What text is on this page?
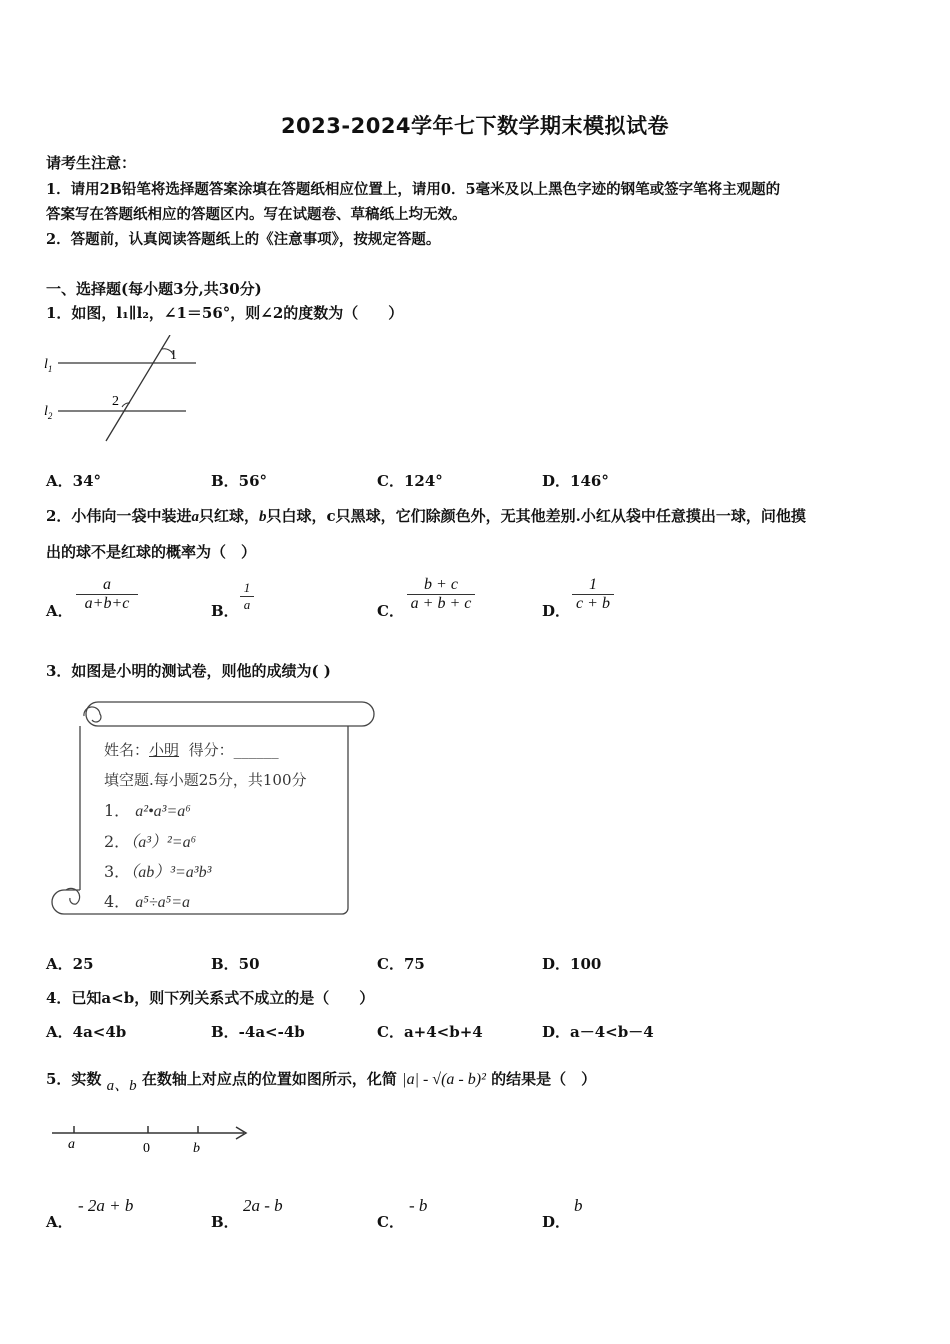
2023-2024学年七下数学期末模拟试卷
请考生注意：
1．请用2B铅笔将选择题答案涂填在答题纸相应位置上，请用0．5毫米及以上黑色字迹的钢笔或签字笔将主观题的
答案写在答题纸相应的答题区内。写在试题卷、草稿纸上均无效。
2．答题前，认真阅读答题纸上的《注意事项》，按规定答题。
一、选择题(每小题3分,共30分)
1．如图，l₁∥l₂，∠1＝56°，则∠2的度数为（　　）
$l_1$
$l_2$
1
2
A．34°	B．56°	C．124°	D．146°
2．小伟向一袋中装进a只红球，b只白球，c只黑球，它们除颜色外，无其他差别.小红从袋中任意摸出一球，问他摸
出的球不是红球的概率为（　）
A．
a
a+b+c	B．
1
a	C．
b + c
a + b + c	D．
1
c + b
3．如图是小明的测试卷，则他的成绩为( )
姓名：小明 得分：______
填空题.每小题25分，共100分
1． a²•a³=a⁶
2．（a³）²=a⁶
3．（ab）³=a³b³
4． a⁵÷a⁵=a
A．25	B．50	C．75	D．100
4．已知a<b，则下列关系式不成立的是（　　）
A．4a<4b	B．-4a<-4b	C．a+4<b+4	D．a－4<b－4
5．实数 a、b 在数轴上对应点的位置如图所示，化简 |a| - √(a - b)² 的结果是（　）
a	0	b
A．
- 2a + b
B．
2a - b
C．
- b
D．
b
